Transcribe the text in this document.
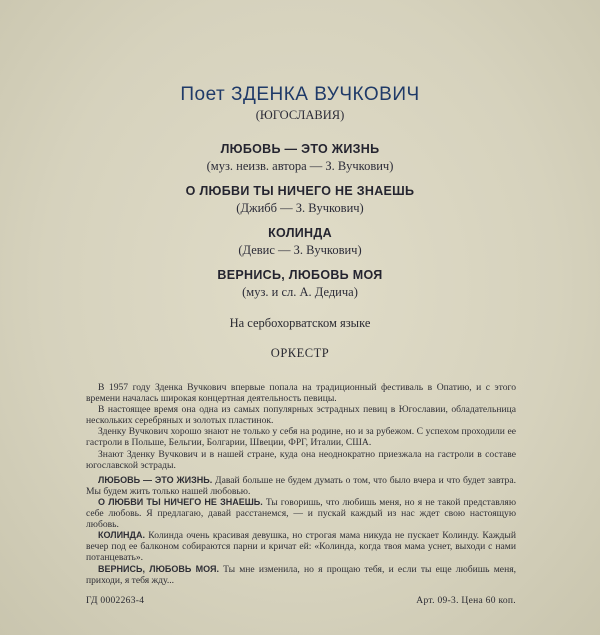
Поет ЗДЕНКА ВУЧКОВИЧ
(ЮГОСЛАВИЯ)
ЛЮБОВЬ — ЭТО ЖИЗНЬ
(муз. неизв. автора — З. Вучкович)
О ЛЮБВИ ТЫ НИЧЕГО НЕ ЗНАЕШЬ
(Джибб — З. Вучкович)
КОЛИНДА
(Девис — З. Вучкович)
ВЕРНИСЬ, ЛЮБОВЬ МОЯ
(муз. и сл. А. Дедича)
На сербохорватском языке
ОРКЕСТР

В 1957 году Зденка Вучкович впервые попала на традиционный фестиваль в Опатию, и с этого времени началась широкая концертная деятельность певицы.

В настоящее время она одна из самых популярных эстрадных певиц в Югославии, обладательница нескольких серебряных и золотых пластинок.

Зденку Вучкович хорошо знают не только у себя на родине, но и за рубежом. С успехом проходили ее гастроли в Польше, Бельгии, Болгарии, Швеции, ФРГ, Италии, США.

Знают Зденку Вучкович и в нашей стране, куда она неоднократно приезжала на гастроли в составе югославской эстрады.

ЛЮБОВЬ — ЭТО ЖИЗНЬ. Давай больше не будем думать о том, что было вчера и что будет завтра. Мы будем жить только нашей любовью.

О ЛЮБВИ ТЫ НИЧЕГО НЕ ЗНАЕШЬ. Ты говоришь, что любишь меня, но я не такой представляю себе любовь. Я предлагаю, давай расстанемся, — и пускай каждый из нас ждет свою настоящую любовь.

КОЛИНДА. Колинда очень красивая девушка, но строгая мама никуда не пускает Колинду. Каждый вечер под ее балконом собираются парни и кричат ей: «Колинда, когда твоя мама уснет, выходи с нами потанцевать».

ВЕРНИСЬ, ЛЮБОВЬ МОЯ. Ты мне изменила, но я прощаю тебя, и если ты еще любишь меня, приходи, я тебя жду...

ГД 0002263-4	Арт. 09-3. Цена 60 коп.
